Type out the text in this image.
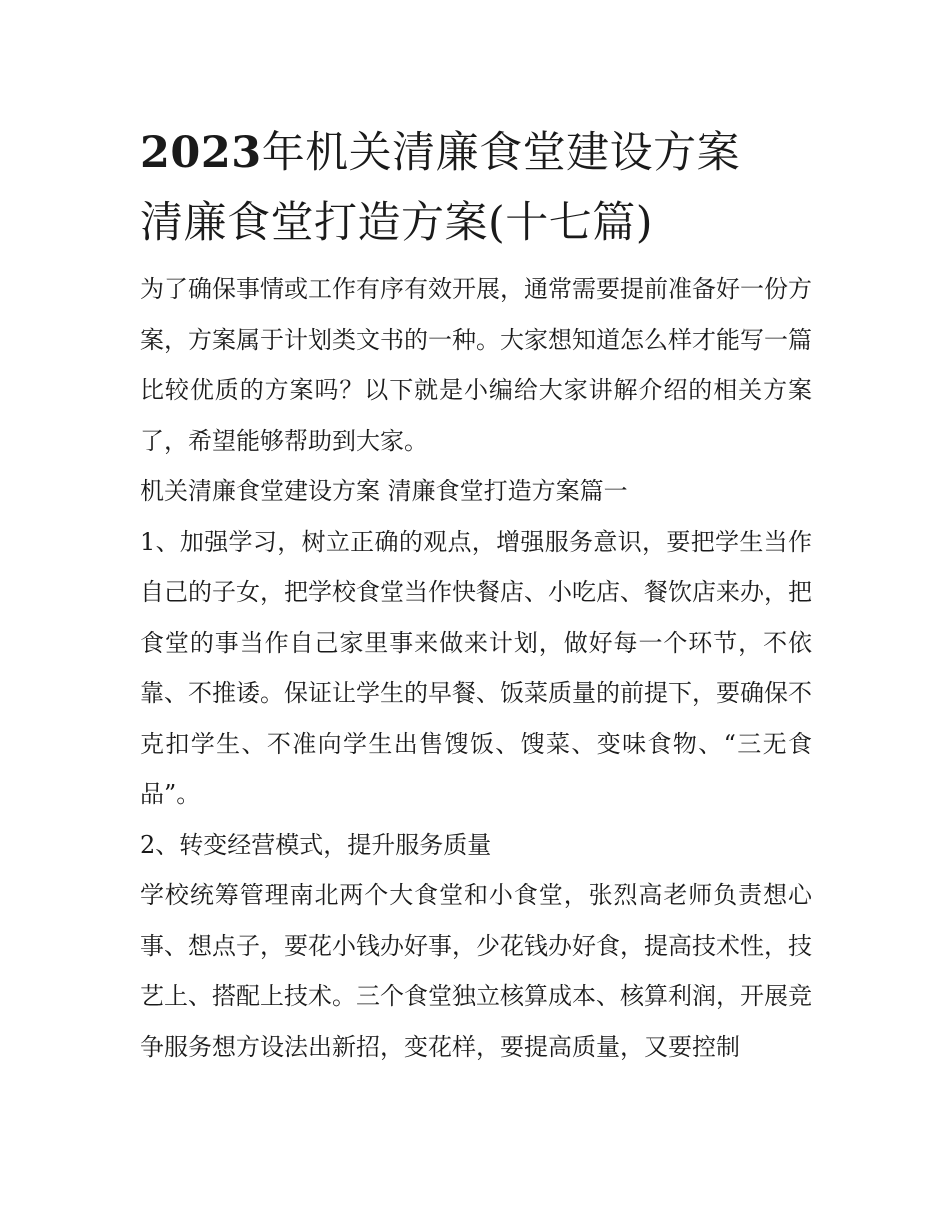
2023年机关清廉食堂建设方案
清廉食堂打造方案(十七篇)

为了确保事情或工作有序有效开展，通常需要提前准备好一份方案，方案属于计划类文书的一种。大家想知道怎么样才能写一篇比较优质的方案吗？以下就是小编给大家讲解介绍的相关方案了，希望能够帮助到大家。

机关清廉食堂建设方案 清廉食堂打造方案篇一

1、加强学习，树立正确的观点，增强服务意识，要把学生当作自己的子女，把学校食堂当作快餐店、小吃店、餐饮店来办，把食堂的事当作自己家里事来做来计划，做好每一个环节，不依靠、不推诿。保证让学生的早餐、饭菜质量的前提下，要确保不克扣学生、不准向学生出售馊饭、馊菜、变味食物、“三无食品”。

2、转变经营模式，提升服务质量

学校统筹管理南北两个大食堂和小食堂，张烈高老师负责想心事、想点子，要花小钱办好事，少花钱办好食，提高技术性，技艺上、搭配上技术。三个食堂独立核算成本、核算利润，开展竞争服务想方设法出新招，变花样，要提高质量，又要控制
